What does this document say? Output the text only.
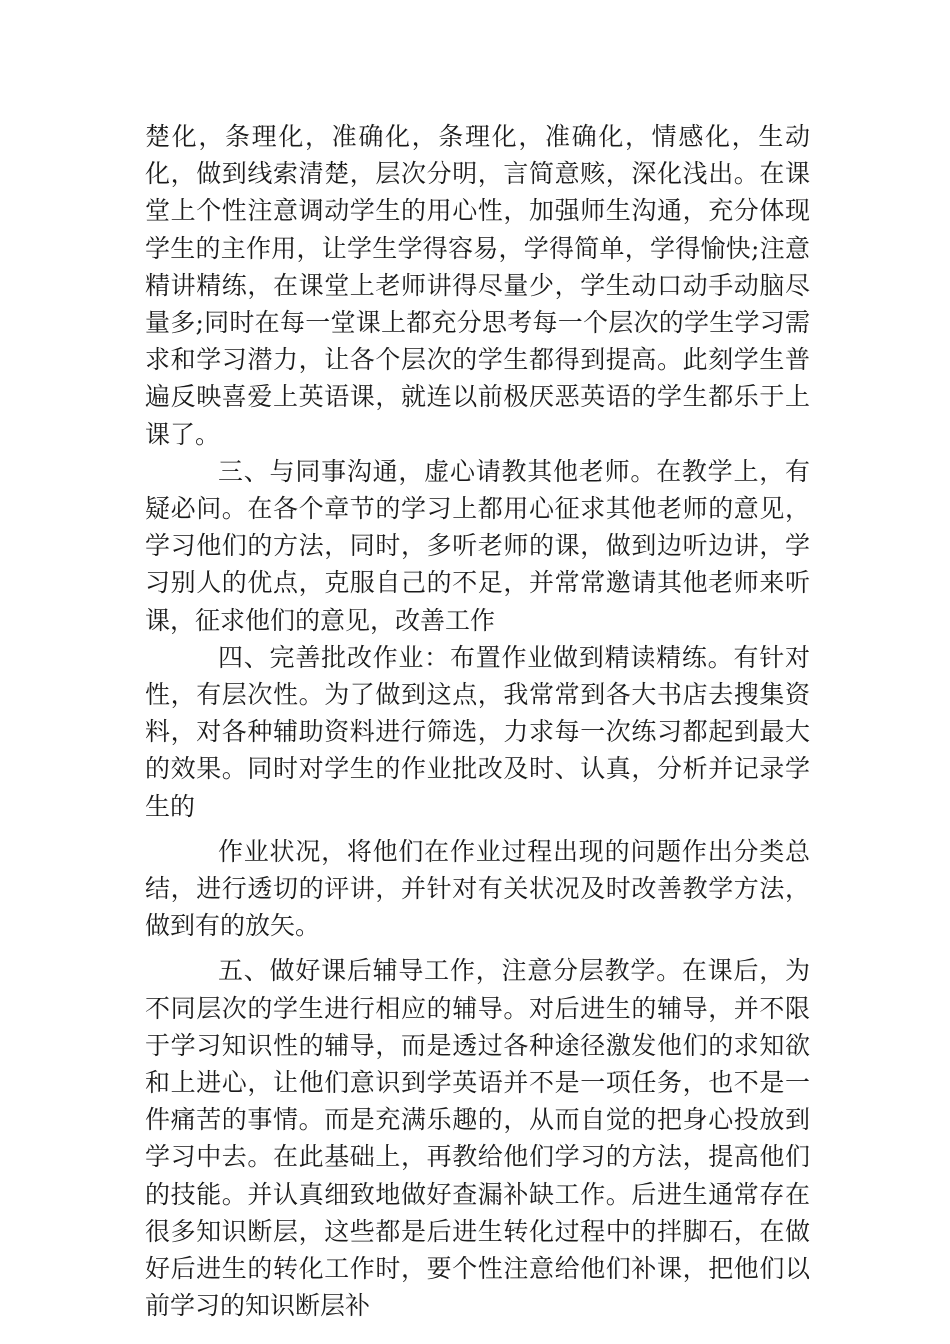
楚化，条理化，准确化，条理化，准确化，情感化，生动化，做到线索清楚，层次分明，言简意赅，深化浅出。在课堂上个性注意调动学生的用心性，加强师生沟通，充分体现学生的主作用，让学生学得容易，学得简单，学得愉快;注意精讲精练，在课堂上老师讲得尽量少，学生动口动手动脑尽量多;同时在每一堂课上都充分思考每一个层次的学生学习需求和学习潜力，让各个层次的学生都得到提高。此刻学生普遍反映喜爱上英语课，就连以前极厌恶英语的学生都乐于上课了。

三、与同事沟通，虚心请教其他老师。在教学上，有疑必问。在各个章节的学习上都用心征求其他老师的意见，学习他们的方法，同时，多听老师的课，做到边听边讲，学习别人的优点，克服自己的不足，并常常邀请其他老师来听课，征求他们的意见，改善工作

四、完善批改作业：布置作业做到精读精练。有针对性，有层次性。为了做到这点，我常常到各大书店去搜集资料，对各种辅助资料进行筛选，力求每一次练习都起到最大的效果。同时对学生的作业批改及时、认真，分析并记录学生的

作业状况，将他们在作业过程出现的问题作出分类总结，进行透切的评讲，并针对有关状况及时改善教学方法，做到有的放矢。

五、做好课后辅导工作，注意分层教学。在课后，为不同层次的学生进行相应的辅导。对后进生的辅导，并不限于学习知识性的辅导，而是透过各种途径激发他们的求知欲和上进心，让他们意识到学英语并不是一项任务，也不是一件痛苦的事情。而是充满乐趣的，从而自觉的把身心投放到学习中去。在此基础上，再教给他们学习的方法，提高他们的技能。并认真细致地做好查漏补缺工作。后进生通常存在很多知识断层，这些都是后进生转化过程中的拌脚石，在做好后进生的转化工作时，要个性注意给他们补课，把他们以前学习的知识断层补
